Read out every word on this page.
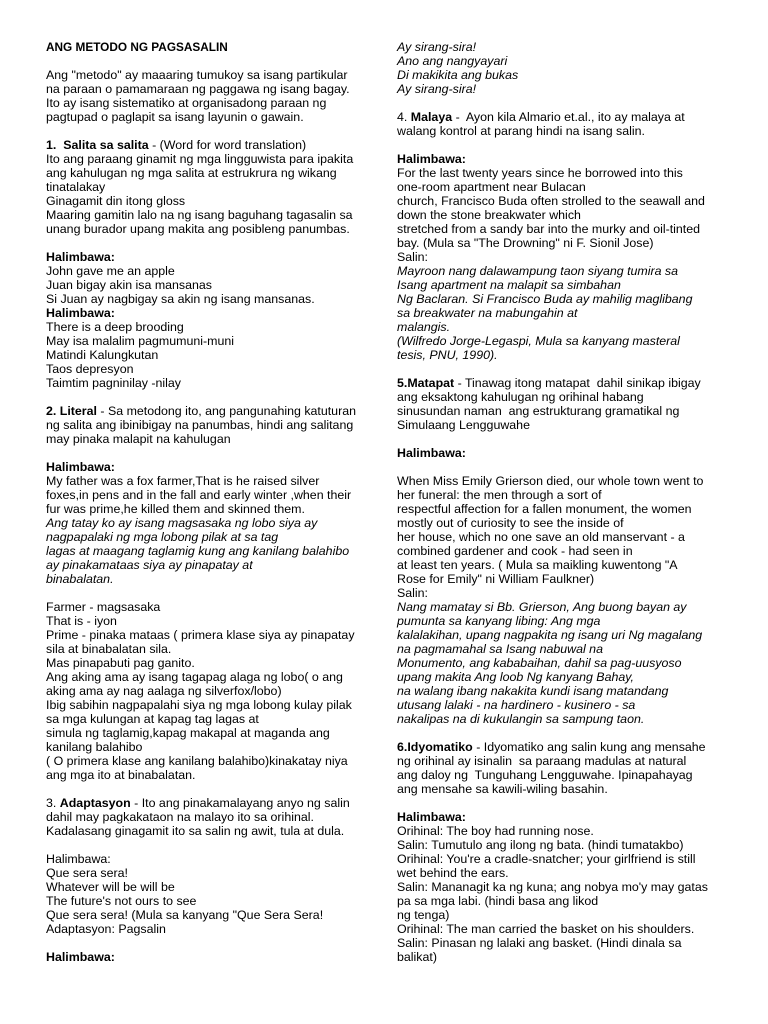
ANG METODO NG PAGSASALIN
Ang "metodo" ay maaaring tumukoy sa isang partikular
na paraan o pamamaraan ng paggawa ng isang bagay.
Ito ay isang sistematiko at organisadong paraan ng
pagtupad o paglapit sa isang layunin o gawain.
1.  Salita sa salita - (Word for word translation)
Ito ang paraang ginamit ng mga lingguwista para ipakita
ang kahulugan ng mga salita at estrukrura ng wikang
tinatalakay
Ginagamit din itong gloss
Maaring gamitin lalo na ng isang baguhang tagasalin sa
unang burador upang makita ang posibleng panumbas.
Halimbawa:
John gave me an apple
Juan bigay akin isa mansanas
Si Juan ay nagbigay sa akin ng isang mansanas.
Halimbawa:
There is a deep brooding
May isa malalim pagmumuni-muni
Matindi Kalungkutan
Taos depresyon
Taimtim pagninilay -nilay
2. Literal - Sa metodong ito, ang pangunahing katuturan
ng salita ang ibinibigay na panumbas, hindi ang salitang
may pinaka malapit na kahulugan
Halimbawa:
My father was a fox farmer,That is he raised silver
foxes,in pens and in the fall and early winter ,when their
fur was prime,he killed them and skinned them.
Ang tatay ko ay isang magsasaka ng lobo siya ay
nagpapalaki ng mga lobong pilak at sa tag
lagas at maagang taglamig kung ang kanilang balahibo
ay pinakamataas siya ay pinapatay at
binabalatan.
Farmer - magsasaka
That is - iyon
Prime - pinaka mataas ( primera klase siya ay pinapatay
sila at binabalatan sila.
Mas pinapabuti pag ganito.
Ang aking ama ay isang tagapag alaga ng lobo( o ang
aking ama ay nag aalaga ng silverfox/lobo)
Ibig sabihin nagpapalahi siya ng mga lobong kulay pilak
sa mga kulungan at kapag tag lagas at
simula ng taglamig,kapag makapal at maganda ang
kanilang balahibo
( O primera klase ang kanilang balahibo)kinakatay niya
ang mga ito at binabalatan.
3. Adaptasyon - Ito ang pinakamalayang anyo ng salin
dahil may pagkakataon na malayo ito sa orihinal.
Kadalasang ginagamit ito sa salin ng awit, tula at dula.
Halimbawa:
Que sera sera!
Whatever will be will be
The future's not ours to see
Que sera sera! (Mula sa kanyang "Que Sera Sera!
Adaptasyon: Pagsalin
Halimbawa:
Ay sirang-sira!
Ano ang nangyayari
Di makikita ang bukas
Ay sirang-sira!
4. Malaya -  Ayon kila Almario et.al., ito ay malaya at
walang kontrol at parang hindi na isang salin.
Halimbawa:
For the last twenty years since he borrowed into this
one-room apartment near Bulacan
church, Francisco Buda often strolled to the seawall and
down the stone breakwater which
stretched from a sandy bar into the murky and oil-tinted
bay. (Mula sa "The Drowning" ni F. Sionil Jose)
Salin:
Mayroon nang dalawampung taon siyang tumira sa
Isang apartment na malapit sa simbahan
Ng Baclaran. Si Francisco Buda ay mahilig maglibang
sa breakwater na mabungahin at
malangis.
(Wilfredo Jorge-Legaspi, Mula sa kanyang masteral
tesis, PNU, 1990).
5.Matapat - Tinawag itong matapat  dahil sinikap ibigay
ang eksaktong kahulugan ng orihinal habang
sinusundan naman  ang estrukturang gramatikal ng
Simulaang Lengguwahe
Halimbawa:
When Miss Emily Grierson died, our whole town went to
her funeral: the men through a sort of
respectful affection for a fallen monument, the women
mostly out of curiosity to see the inside of
her house, which no one save an old manservant - a
combined gardener and cook - had seen in
at least ten years. ( Mula sa maikling kuwentong "A
Rose for Emily" ni William Faulkner)
Salin:
Nang mamatay si Bb. Grierson, Ang buong bayan ay
pumunta sa kanyang libing: Ang mga
kalalakihan, upang nagpakita ng isang uri Ng magalang
na pagmamahal sa Isang nabuwal na
Monumento, ang kababaihan, dahil sa pag-uusyoso
upang makita Ang loob Ng kanyang Bahay,
na walang ibang nakakita kundi isang matandang
utusang lalaki - na hardinero - kusinero - sa
nakalipas na di kukulangin sa sampung taon.
6.Idyomatiko - Idyomatiko ang salin kung ang mensahe
ng orihinal ay isinalin  sa paraang madulas at natural
ang daloy ng  Tunguhang Lengguwahe. Ipinapahayag
ang mensahe sa kawili-wiling basahin.
Halimbawa:
Orihinal: The boy had running nose.
Salin: Tumutulo ang ilong ng bata. (hindi tumatakbo)
Orihinal: You're a cradle-snatcher; your girlfriend is still
wet behind the ears.
Salin: Mananagit ka ng kuna; ang nobya mo'y may gatas
pa sa mga labi. (hindi basa ang likod
ng tenga)
Orihinal: The man carried the basket on his shoulders.
Salin: Pinasan ng lalaki ang basket. (Hindi dinala sa
balikat)
